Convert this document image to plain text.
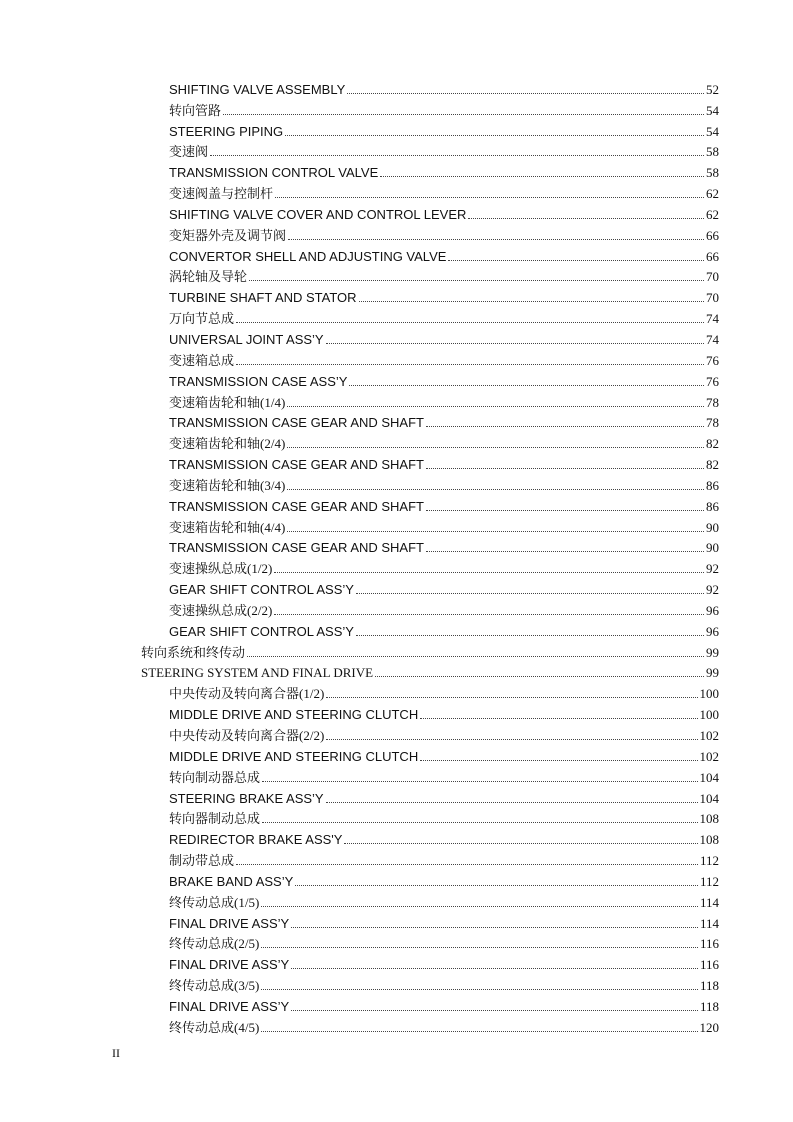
SHIFTING VALVE ASSEMBLY	52
转向管路	54
STEERING PIPING	54
变速阀	58
TRANSMISSION CONTROL VALVE	58
变速阀盖与控制杆	62
SHIFTING VALVE COVER AND CONTROL LEVER	62
变矩器外壳及调节阀	66
CONVERTOR SHELL AND ADJUSTING VALVE	66
涡轮轴及导轮	70
TURBINE SHAFT AND STATOR	70
万向节总成	74
UNIVERSAL JOINT ASS’Y	74
变速箱总成	76
TRANSMISSION CASE ASS’Y	76
变速箱齿轮和轴(1/4)	78
TRANSMISSION CASE GEAR AND SHAFT	78
变速箱齿轮和轴(2/4)	82
TRANSMISSION CASE GEAR AND SHAFT	82
变速箱齿轮和轴(3/4)	86
TRANSMISSION CASE GEAR AND SHAFT	86
变速箱齿轮和轴(4/4)	90
TRANSMISSION CASE GEAR AND SHAFT	90
变速操纵总成(1/2)	92
GEAR SHIFT CONTROL ASS’Y	92
变速操纵总成(2/2)	96
GEAR SHIFT CONTROL ASS’Y	96
转向系统和终传动	99
STEERING SYSTEM AND FINAL DRIVE	99
中央传动及转向离合器(1/2)	100
MIDDLE DRIVE AND STEERING CLUTCH	100
中央传动及转向离合器(2/2)	102
MIDDLE DRIVE AND STEERING CLUTCH	102
转向制动器总成	104
STEERING BRAKE ASS’Y	104
转向器制动总成	108
REDIRECTOR BRAKE ASS'Y	108
制动带总成	112
BRAKE BAND ASS’Y	112
终传动总成(1/5)	114
FINAL DRIVE ASS’Y	114
终传动总成(2/5)	116
FINAL DRIVE ASS’Y	116
终传动总成(3/5)	118
FINAL DRIVE ASS’Y	118
终传动总成(4/5)	120
II
